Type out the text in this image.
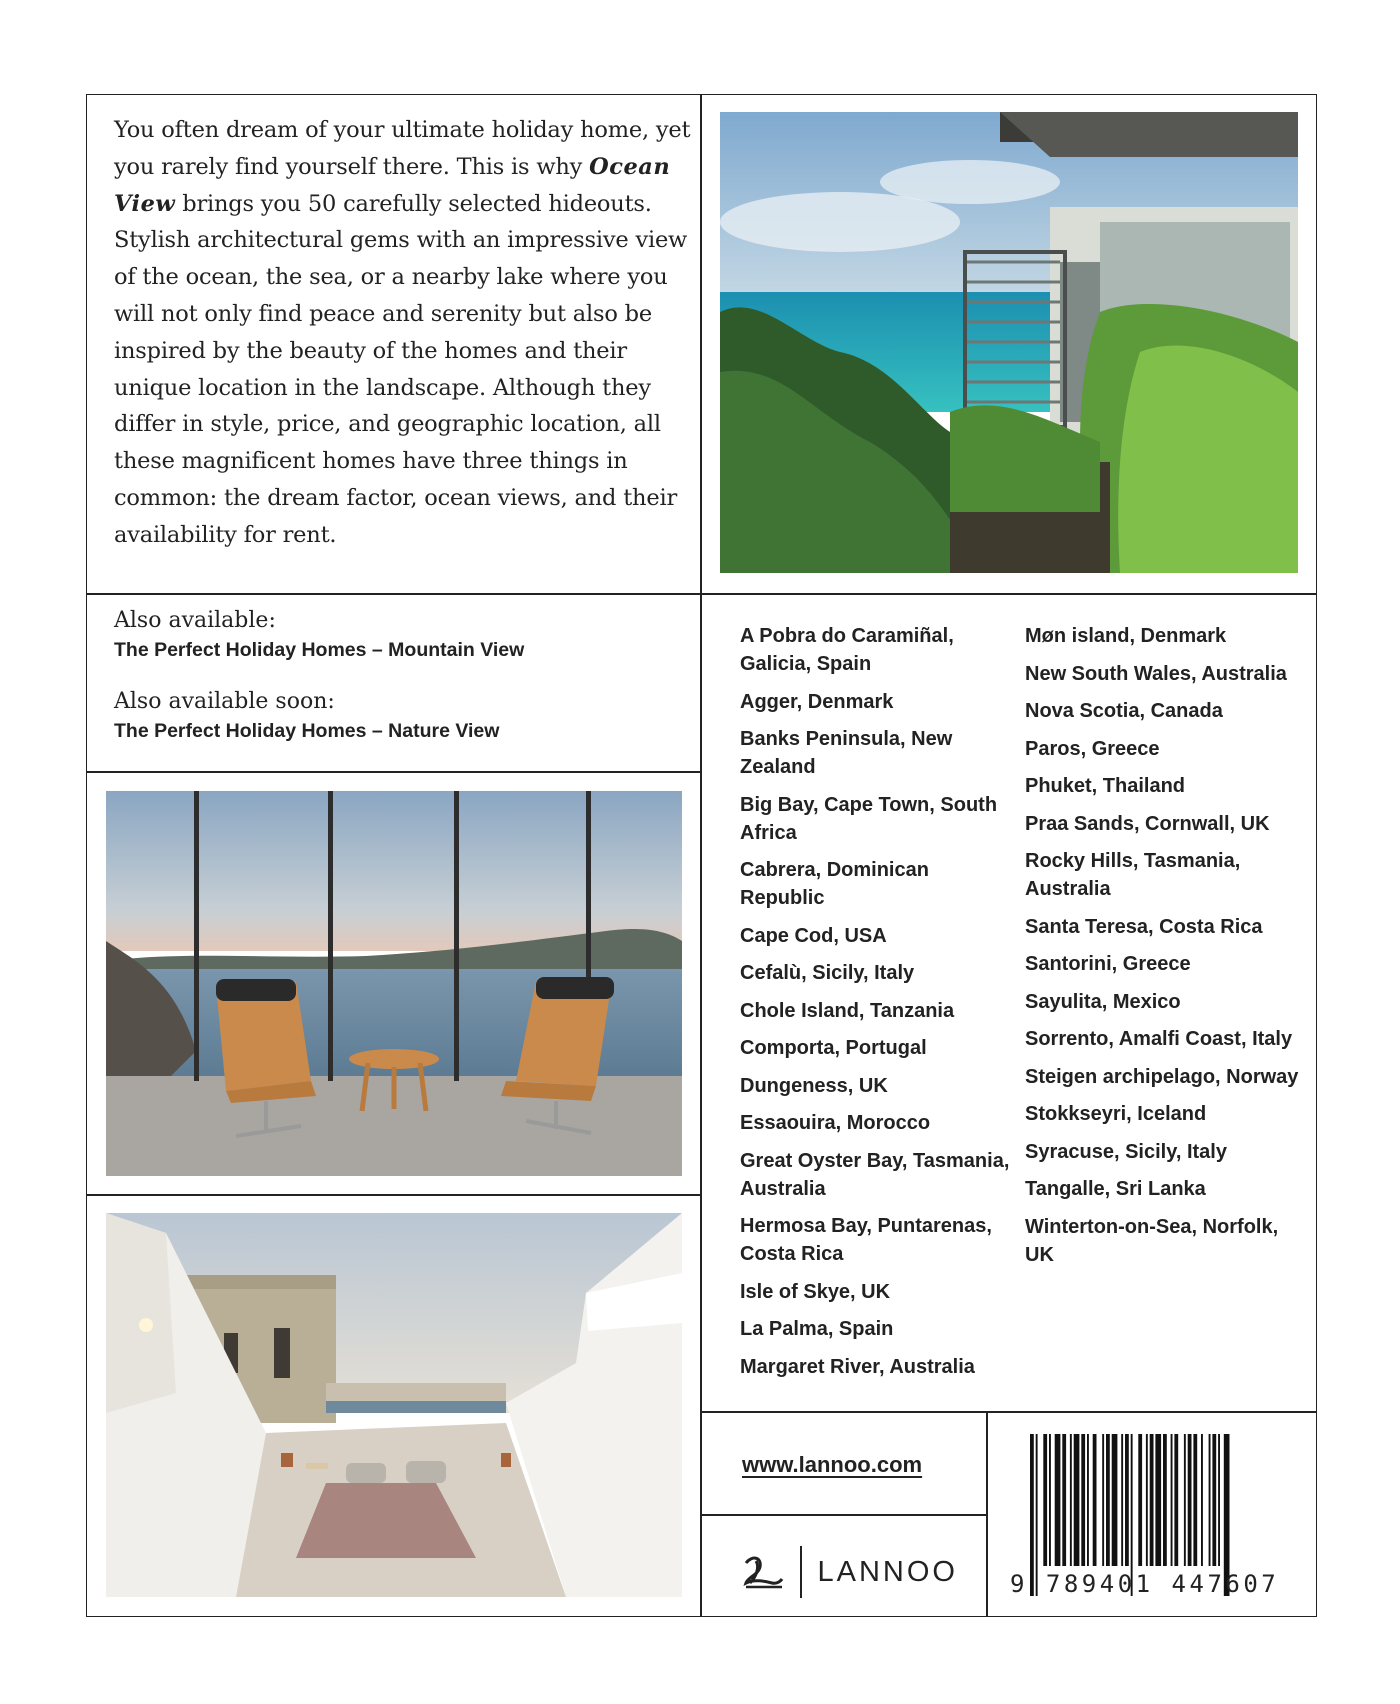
You often dream of your ultimate holiday home, yet you rarely find yourself there. This is why Ocean View brings you 50 carefully selected hideouts. Stylish architectural gems with an impressive view of the ocean, the sea, or a nearby lake where you will not only find peace and serenity but also be inspired by the beauty of the homes and their unique location in the landscape. Although they differ in style, price, and geographic location, all these magnificent homes have three things in common: the dream factor, ocean views, and their availability for rent.
Also available:
The Perfect Holiday Homes – Mountain View
Also available soon:
The Perfect Holiday Homes – Nature View
A Pobra do Caramiñal, Galicia, Spain
Agger, Denmark
Banks Peninsula, New Zealand
Big Bay, Cape Town, South Africa
Cabrera, Dominican Republic
Cape Cod, USA
Cefalù, Sicily, Italy
Chole Island, Tanzania
Comporta, Portugal
Dungeness, UK
Essaouira, Morocco
Great Oyster Bay, Tasmania, Australia
Hermosa Bay, Puntarenas, Costa Rica
Isle of Skye, UK
La Palma, Spain
Margaret River, Australia
Møn island, Denmark
New South Wales, Australia
Nova Scotia, Canada
Paros, Greece
Phuket, Thailand
Praa Sands, Cornwall, UK
Rocky Hills, Tasmania, Australia
Santa Teresa, Costa Rica
Santorini, Greece
Sayulita, Mexico
Sorrento, Amalfi Coast, Italy
Steigen archipelago, Norway
Stokkseyri, Iceland
Syracuse, Sicily, Italy
Tangalle, Sri Lanka
Winterton-on-Sea, Norfolk, UK
www.lannoo.com
LANNOO 9 789401 447607
